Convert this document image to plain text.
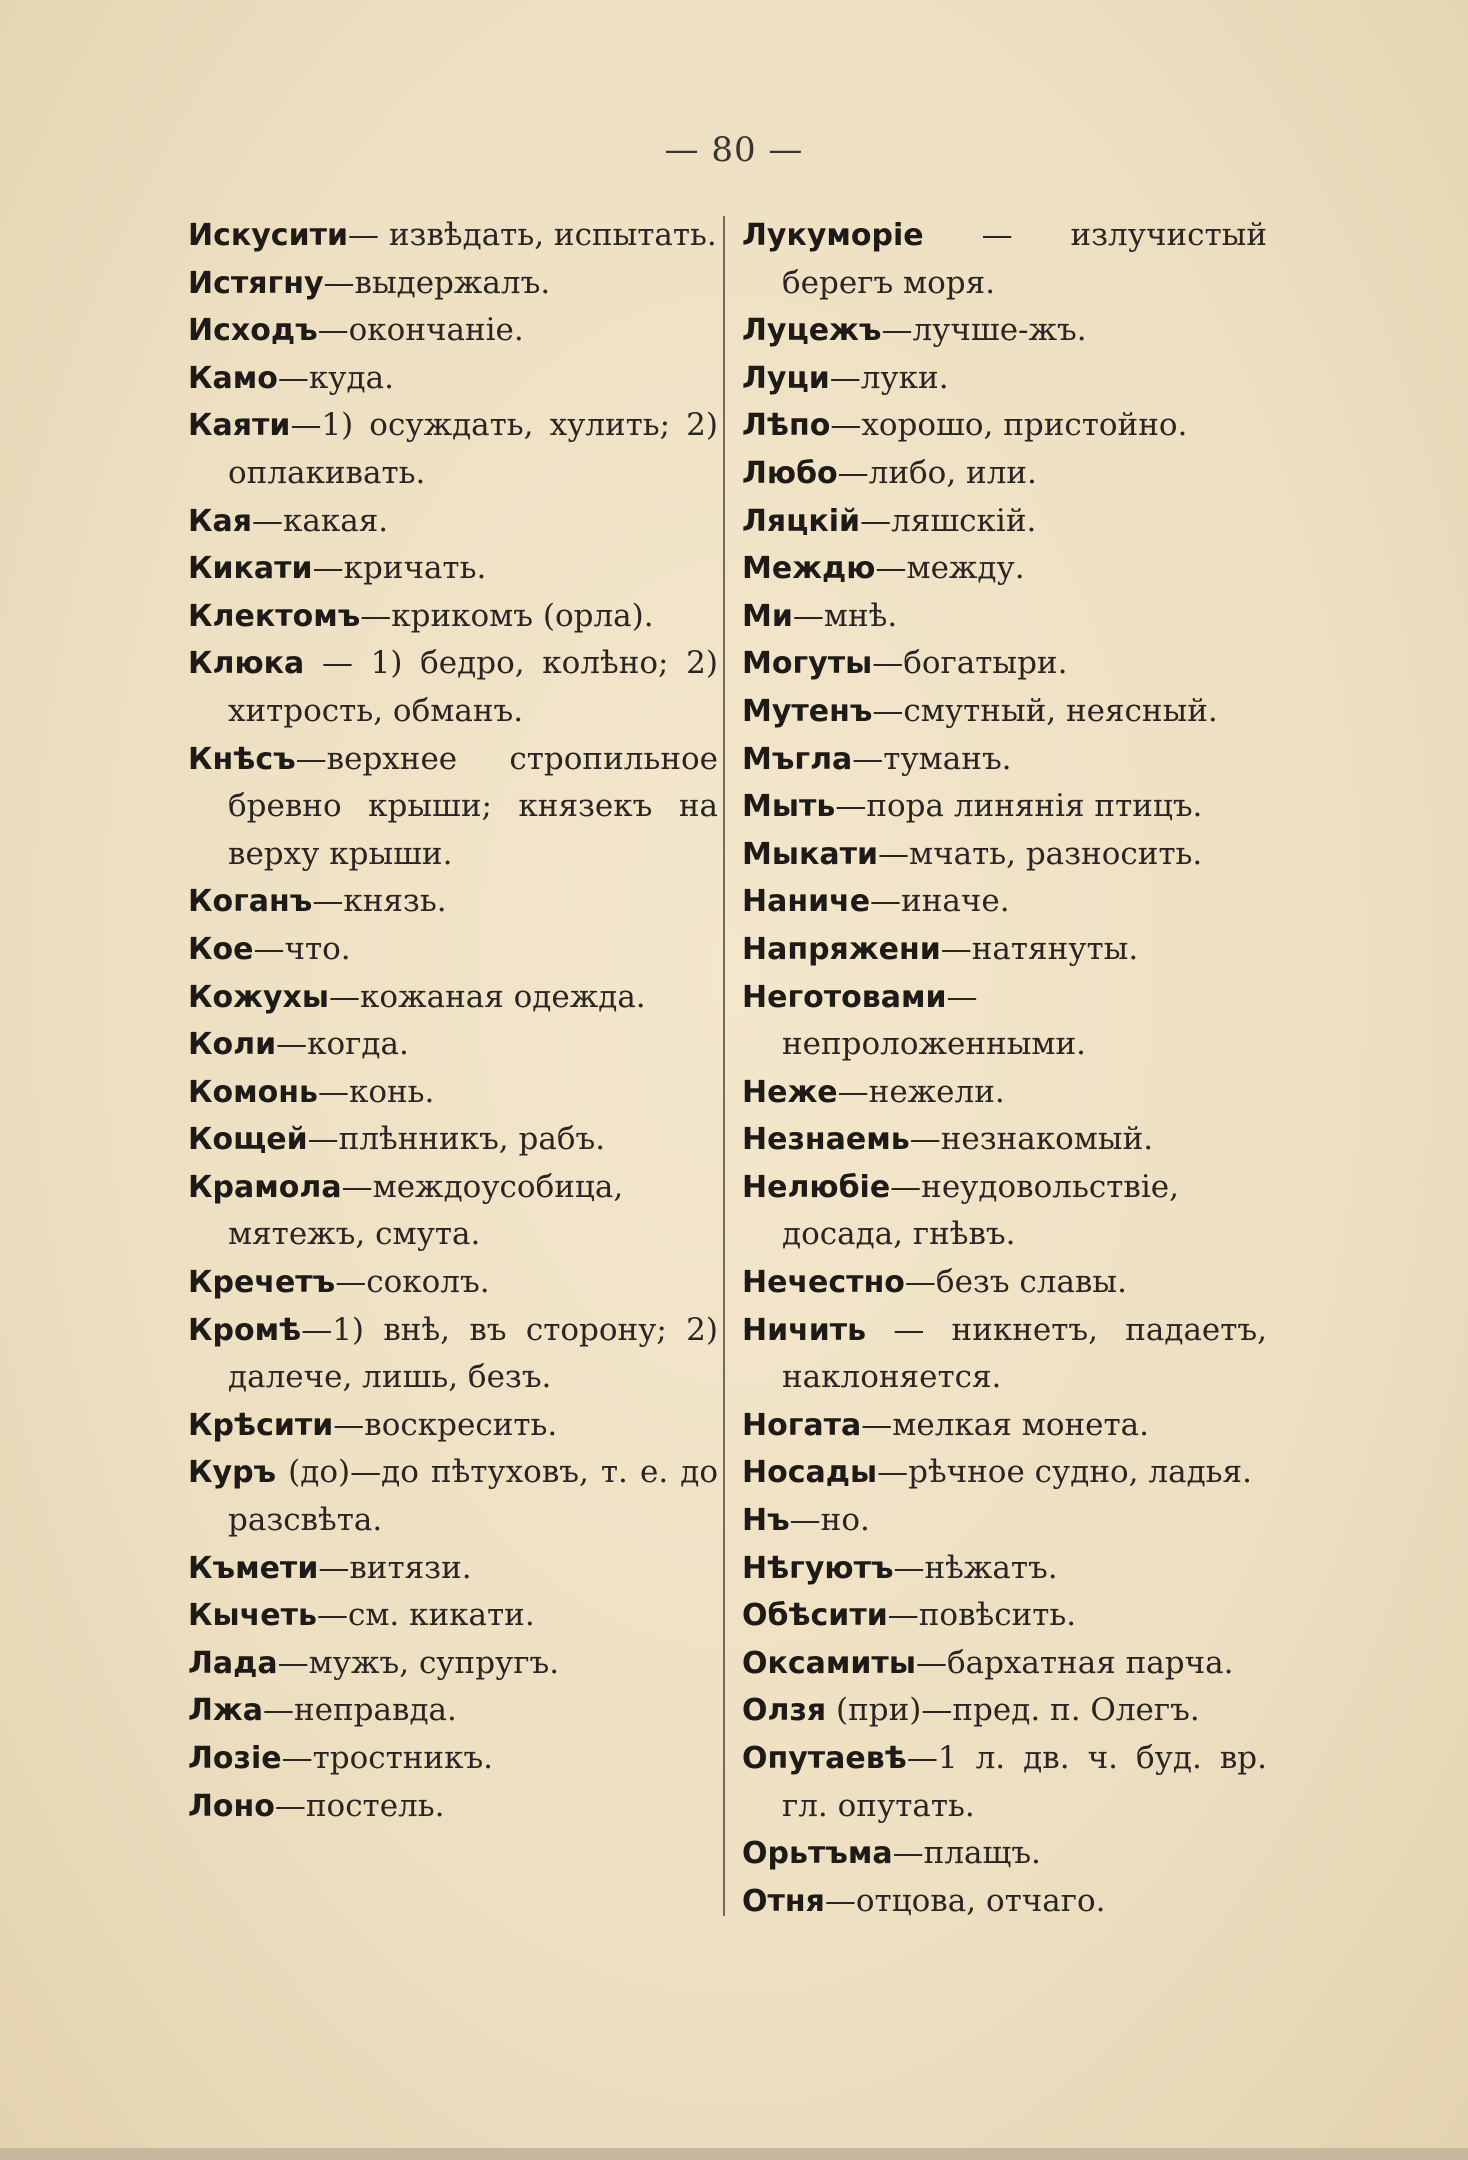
— 80 —
Искусити— извѣдать, испытать.
Истягну—выдержалъ.
Исходъ—окончаніе.
Камо—куда.
Каяти—1) осуждать, хулить; 2) оплакивать.
Кая—какая.
Кикати—кричать.
Клектомъ—крикомъ (орла).
Клюка — 1) бедро, колѣно; 2) хитрость, обманъ.
Кнѣсъ—верхнее стропильное бревно крыши; князекъ на верху крыши.
Коганъ—князь.
Кое—что.
Кожухы—кожаная одежда.
Коли—когда.
Комонь—конь.
Кощей—плѣнникъ, рабъ.
Крамола—междоусобица, мятежъ, смута.
Кречетъ—соколъ.
Кромѣ—1) внѣ, въ сторону; 2) далече, лишь, безъ.
Крѣсити—воскресить.
Куръ (до)—до пѣтуховъ, т. е. до разсвѣта.
Къмети—витязи.
Кычеть—см. кикати.
Лада—мужъ, супругъ.
Лжа—неправда.
Лозіе—тростникъ.
Лоно—постель.
Лукуморіе — излучистый берегъ моря.
Луцежъ—лучше-жъ.
Луци—луки.
Лѣпо—хорошо, пристойно.
Любо—либо, или.
Ляцкій—ляшскій.
Междю—между.
Ми—мнѣ.
Могуты—богатыри.
Мутенъ—смутный, неясный.
Мъгла—туманъ.
Мыть—пора линянія птицъ.
Мыкати—мчать, разносить.
Наниче—иначе.
Напряжени—натянуты.
Неготовами—непроложенными.
Неже—нежели.
Незнаемь—незнакомый.
Нелюбіе—неудовольствіе, досада, гнѣвъ.
Нечестно—безъ славы.
Ничить — никнетъ, падаетъ, наклоняется.
Ногата—мелкая монета.
Носады—рѣчное судно, ладья.
Нъ—но.
Нѣгуютъ—нѣжатъ.
Обѣсити—повѣсить.
Оксамиты—бархатная парча.
Олзя (при)—пред. п. Олегъ.
Опутаевѣ—1 л. дв. ч. буд. вр. гл. опутать.
Орьтъма—плащъ.
Отня—отцова, отчаго.
